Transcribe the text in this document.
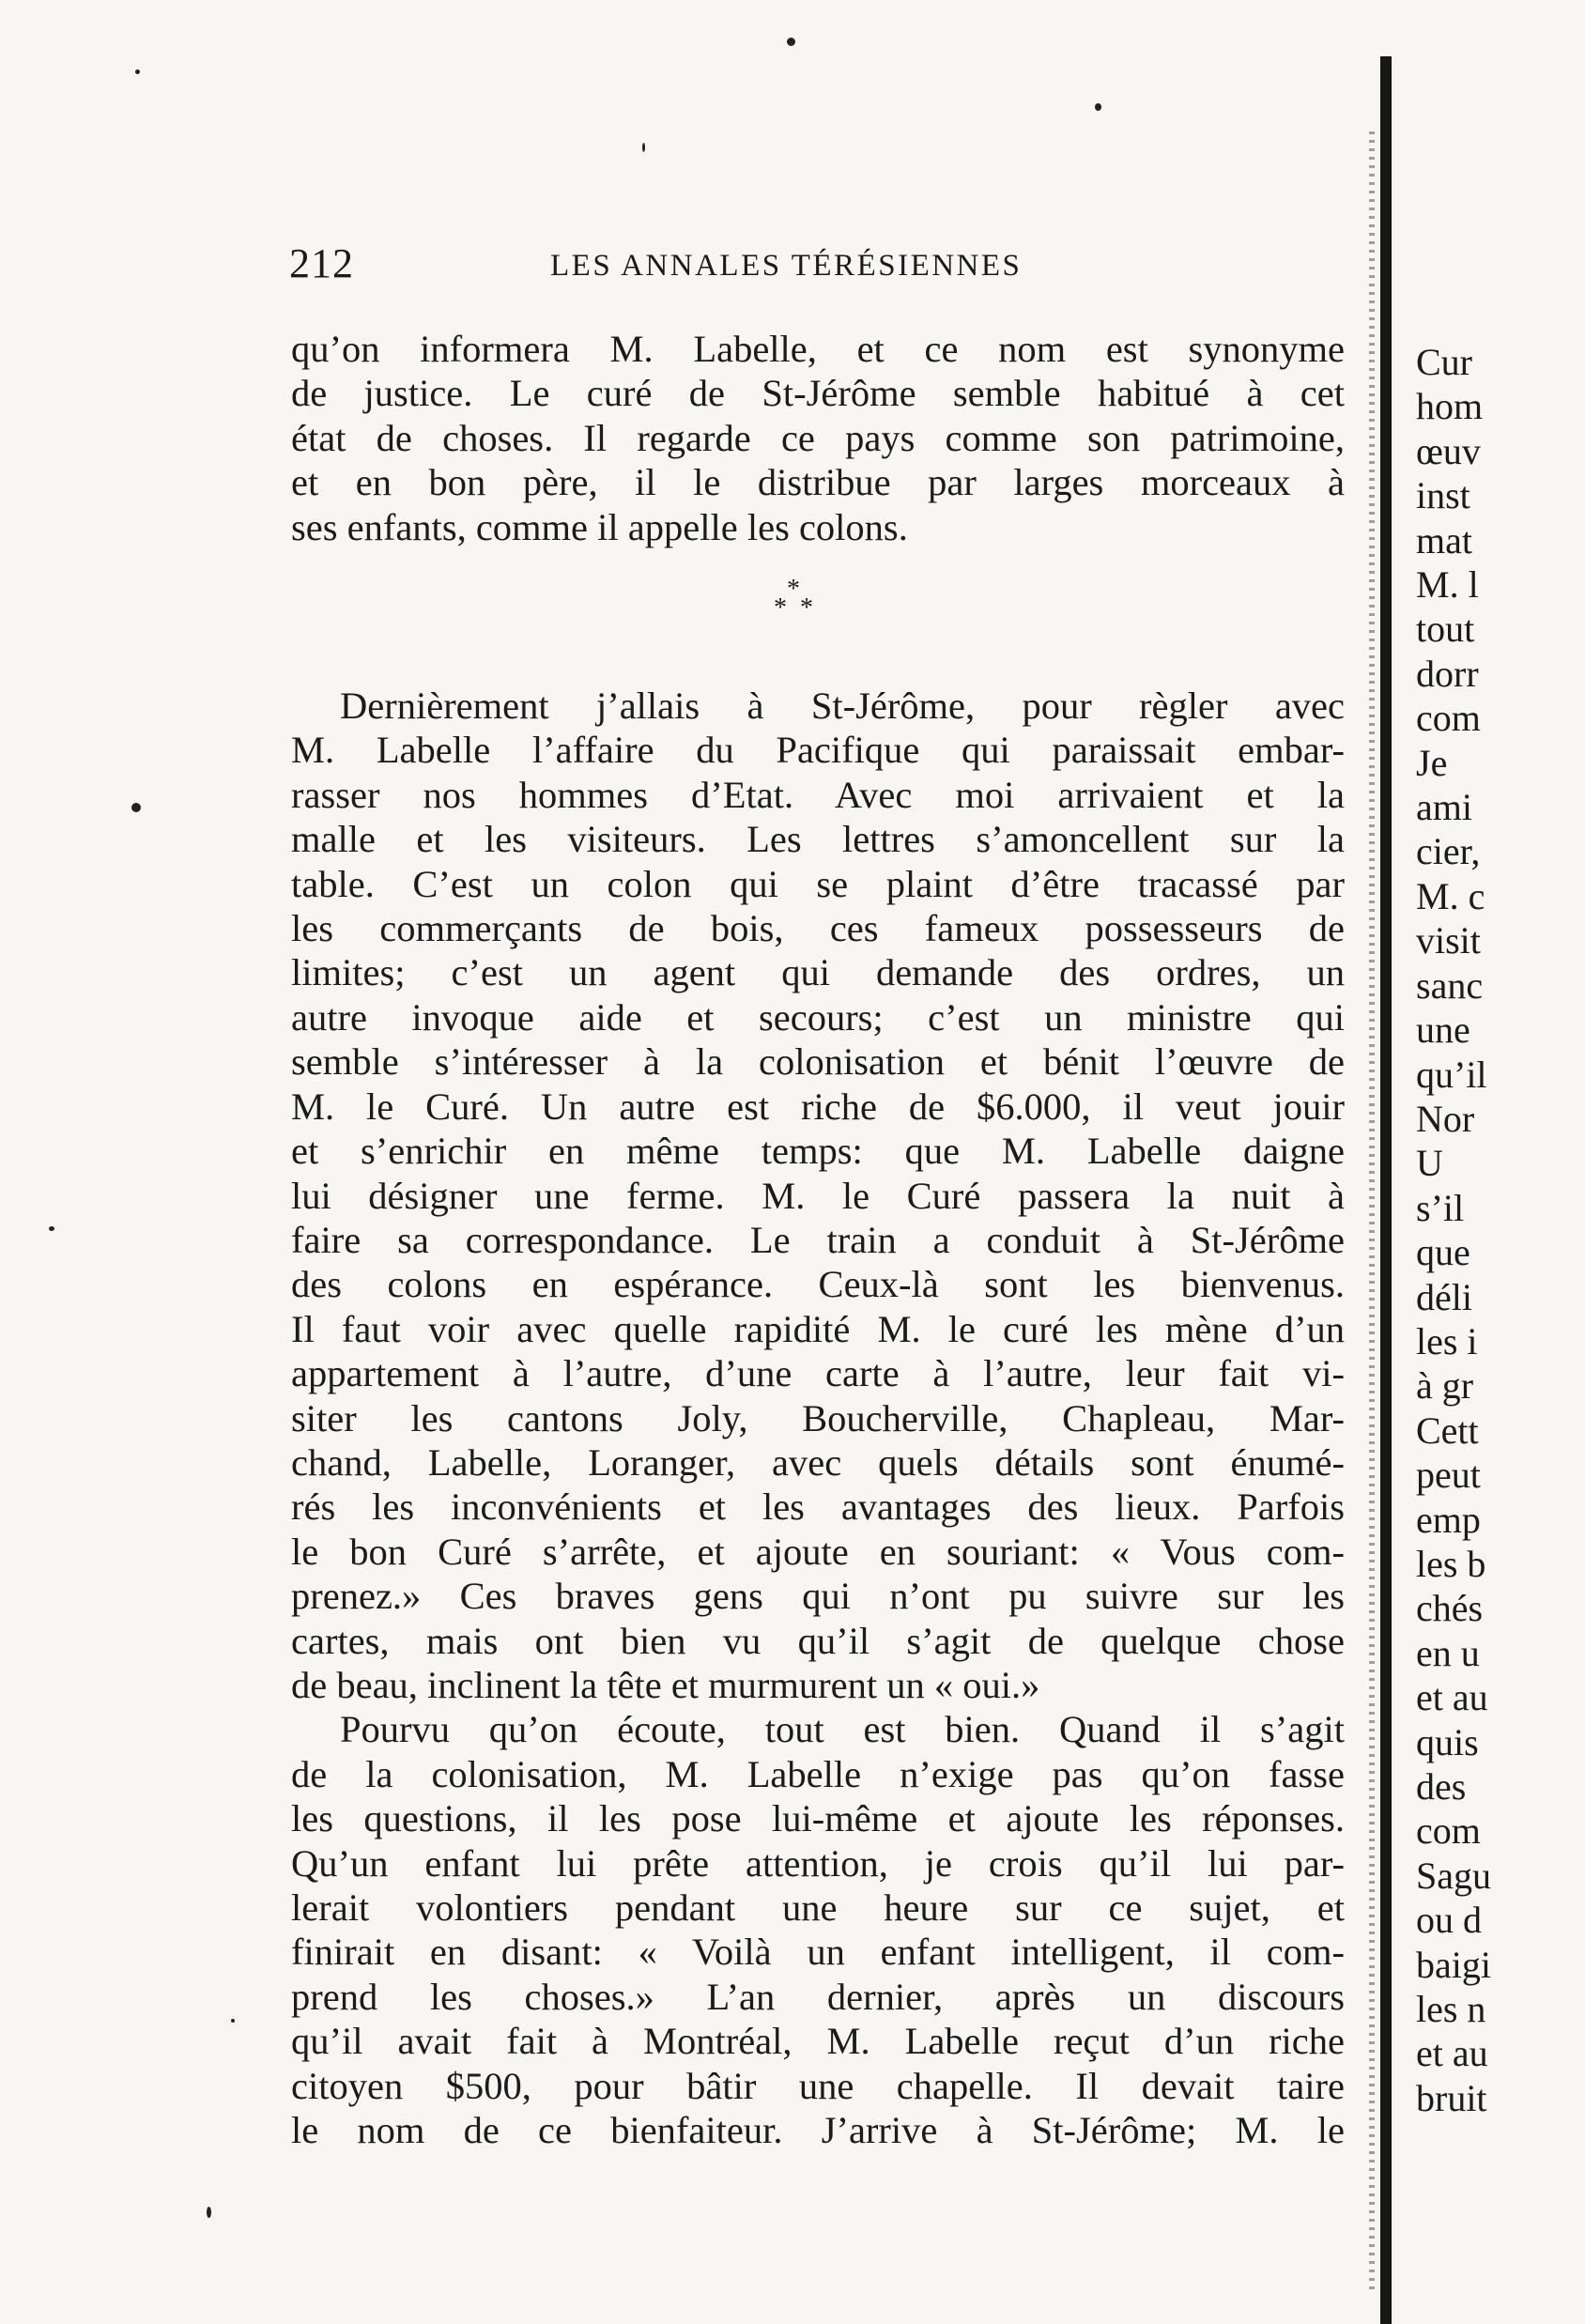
212	LES ANNALES TÉRÉSIENNES
qu’on informera M. Labelle, et ce nom est synonyme
de justice. Le curé de St-Jérôme semble habitué à cet
état de choses. Il regarde ce pays comme son patrimoine,
et en bon père, il le distribue par larges morceaux à
ses enfants, comme il appelle les colons.
Dernièrement j’allais à St-Jérôme, pour règler avec
M. Labelle l’affaire du Pacifique qui paraissait embar-
rasser nos hommes d’Etat. Avec moi arrivaient et la
malle et les visiteurs. Les lettres s’amoncellent sur la
table. C’est un colon qui se plaint d’être tracassé par
les commerçants de bois, ces fameux possesseurs de
limites; c’est un agent qui demande des ordres, un
autre invoque aide et secours; c’est un ministre qui
semble s’intéresser à la colonisation et bénit l’œuvre de
M. le Curé. Un autre est riche de $6.000, il veut jouir
et s’enrichir en même temps: que M. Labelle daigne
lui désigner une ferme. M. le Curé passera la nuit à
faire sa correspondance. Le train a conduit à St-Jérôme
des colons en espérance. Ceux-là sont les bienvenus.
Il faut voir avec quelle rapidité M. le curé les mène d’un
appartement à l’autre, d’une carte à l’autre, leur fait vi-
siter les cantons Joly, Boucherville, Chapleau, Mar-
chand, Labelle, Loranger, avec quels détails sont énumé-
rés les inconvénients et les avantages des lieux. Parfois
le bon Curé s’arrête, et ajoute en souriant: « Vous com-
prenez.» Ces braves gens qui n’ont pu suivre sur les
cartes, mais ont bien vu qu’il s’agit de quelque chose
de beau, inclinent la tête et murmurent un « oui.»
Pourvu qu’on écoute, tout est bien. Quand il s’agit
de la colonisation, M. Labelle n’exige pas qu’on fasse
les questions, il les pose lui-même et ajoute les réponses.
Qu’un enfant lui prête attention, je crois qu’il lui par-
lerait volontiers pendant une heure sur ce sujet, et
finirait en disant: « Voilà un enfant intelligent, il com-
prend les choses.» L’an dernier, après un discours
qu’il avait fait à Montréal, M. Labelle reçut d’un riche
citoyen $500, pour bâtir une chapelle. Il devait taire
le nom de ce bienfaiteur. J’arrive à St-Jérôme; M. le
*
* *
Cur
hom
œuv
inst
mat
M. l
tout
dorr
com
Je
ami
cier,
M. c
visit
sanc
une
qu’il
Nor
U
s’il
que
déli
les i
à gr
Cett
peut
emp
les b
chés
en u
et au
quis
des
com
Sagu
ou d
baigi
les n
et au
bruit
